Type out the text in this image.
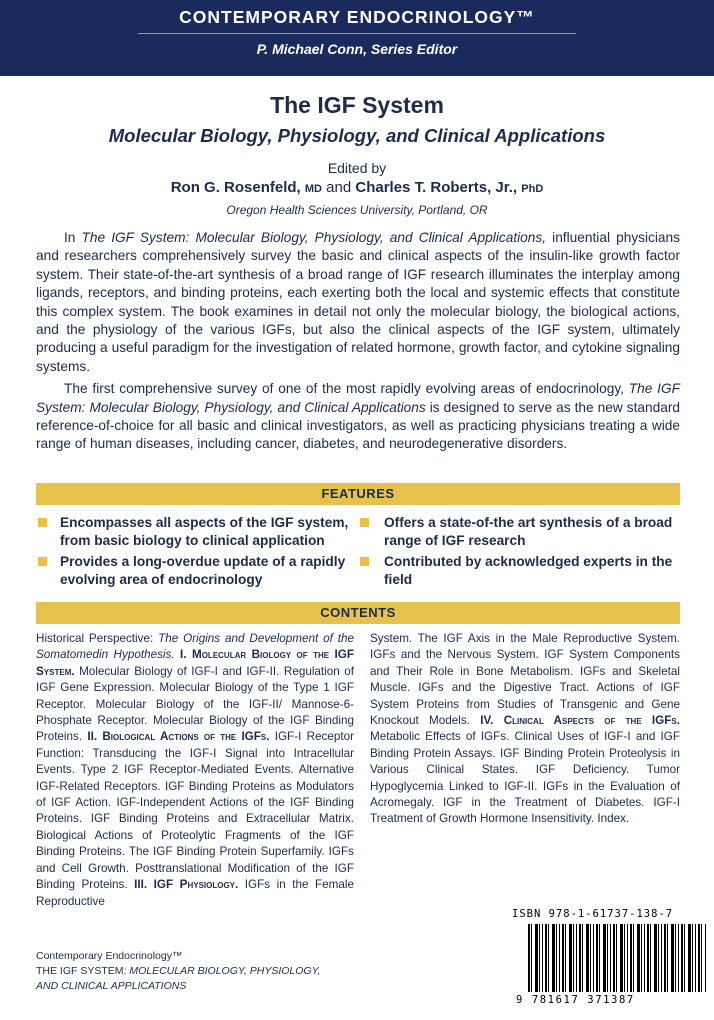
CONTEMPORARY ENDOCRINOLOGY™
P. Michael Conn, Series Editor
The IGF System
Molecular Biology, Physiology, and Clinical Applications
Edited by
Ron G. Rosenfeld, MD and Charles T. Roberts, Jr., PhD
Oregon Health Sciences University, Portland, OR

In The IGF System: Molecular Biology, Physiology, and Clinical Applications, influential physicians and researchers comprehensively survey the basic and clinical aspects of the insulin-like growth factor system. Their state-of-the-art synthesis of a broad range of IGF research illuminates the interplay among ligands, receptors, and binding proteins, each exerting both the local and systemic effects that constitute this complex system. The book examines in detail not only the molecular biology, the biological actions, and the physiology of the various IGFs, but also the clinical aspects of the IGF system, ultimately producing a useful paradigm for the investigation of related hormone, growth factor, and cytokine signaling systems.

The first comprehensive survey of one of the most rapidly evolving areas of endocrinology, The IGF System: Molecular Biology, Physiology, and Clinical Applications is designed to serve as the new standard reference-of-choice for all basic and clinical investigators, as well as practicing physicians treating a wide range of human diseases, including cancer, diabetes, and neurodegenerative disorders.

FEATURES
Encompasses all aspects of the IGF system, from basic biology to clinical application
Provides a long-overdue update of a rapidly evolving area of endocrinology
Offers a state-of-the art synthesis of a broad range of IGF research
Contributed by acknowledged experts in the field
CONTENTS
Historical Perspective: The Origins and Development of the Somatomedin Hypothesis. I. Molecular Biology of the IGF System. Molecular Biology of IGF-I and IGF-II. Regulation of IGF Gene Expression. Molecular Biology of the Type 1 IGF Receptor. Molecular Biology of the IGF-II/ Mannose-6-Phosphate Receptor. Molecular Biology of the IGF Binding Proteins. II. Biological Actions of the IGFs. IGF-I Receptor Function: Transducing the IGF-I Signal into Intracellular Events. Type 2 IGF Receptor-Mediated Events. Alternative IGF-Related Receptors. IGF Binding Proteins as Modulators of IGF Action. IGF-Independent Actions of the IGF Binding Proteins. IGF Binding Proteins and Extracellular Matrix. Biological Actions of Proteolytic Fragments of the IGF Binding Proteins. The IGF Binding Protein Superfamily. IGFs and Cell Growth. Posttranslational Modification of the IGF Binding Proteins. III. IGF Physiology. IGFs in the Female Reproductive
System. The IGF Axis in the Male Reproductive System. IGFs and the Nervous System. IGF System Components and Their Role in Bone Metabolism. IGFs and Skeletal Muscle. IGFs and the Digestive Tract. Actions of IGF System Proteins from Studies of Transgenic and Gene Knockout Models. IV. Clinical Aspects of the IGFs. Metabolic Effects of IGFs. Clinical Uses of IGF-I and IGF Binding Protein Assays. IGF Binding Protein Proteolysis in Various Clinical States. IGF Deficiency. Tumor Hypoglycemia Linked to IGF-II. IGFs in the Evaluation of Acromegaly. IGF in the Treatment of Diabetes. IGF-I Treatment of Growth Hormone Insensitivity. Index.
Contemporary Endocrinology™
THE IGF SYSTEM: MOLECULAR BIOLOGY, PHYSIOLOGY,
AND CLINICAL APPLICATIONS
ISBN 978-1-61737-138-7
9 781617 371387
